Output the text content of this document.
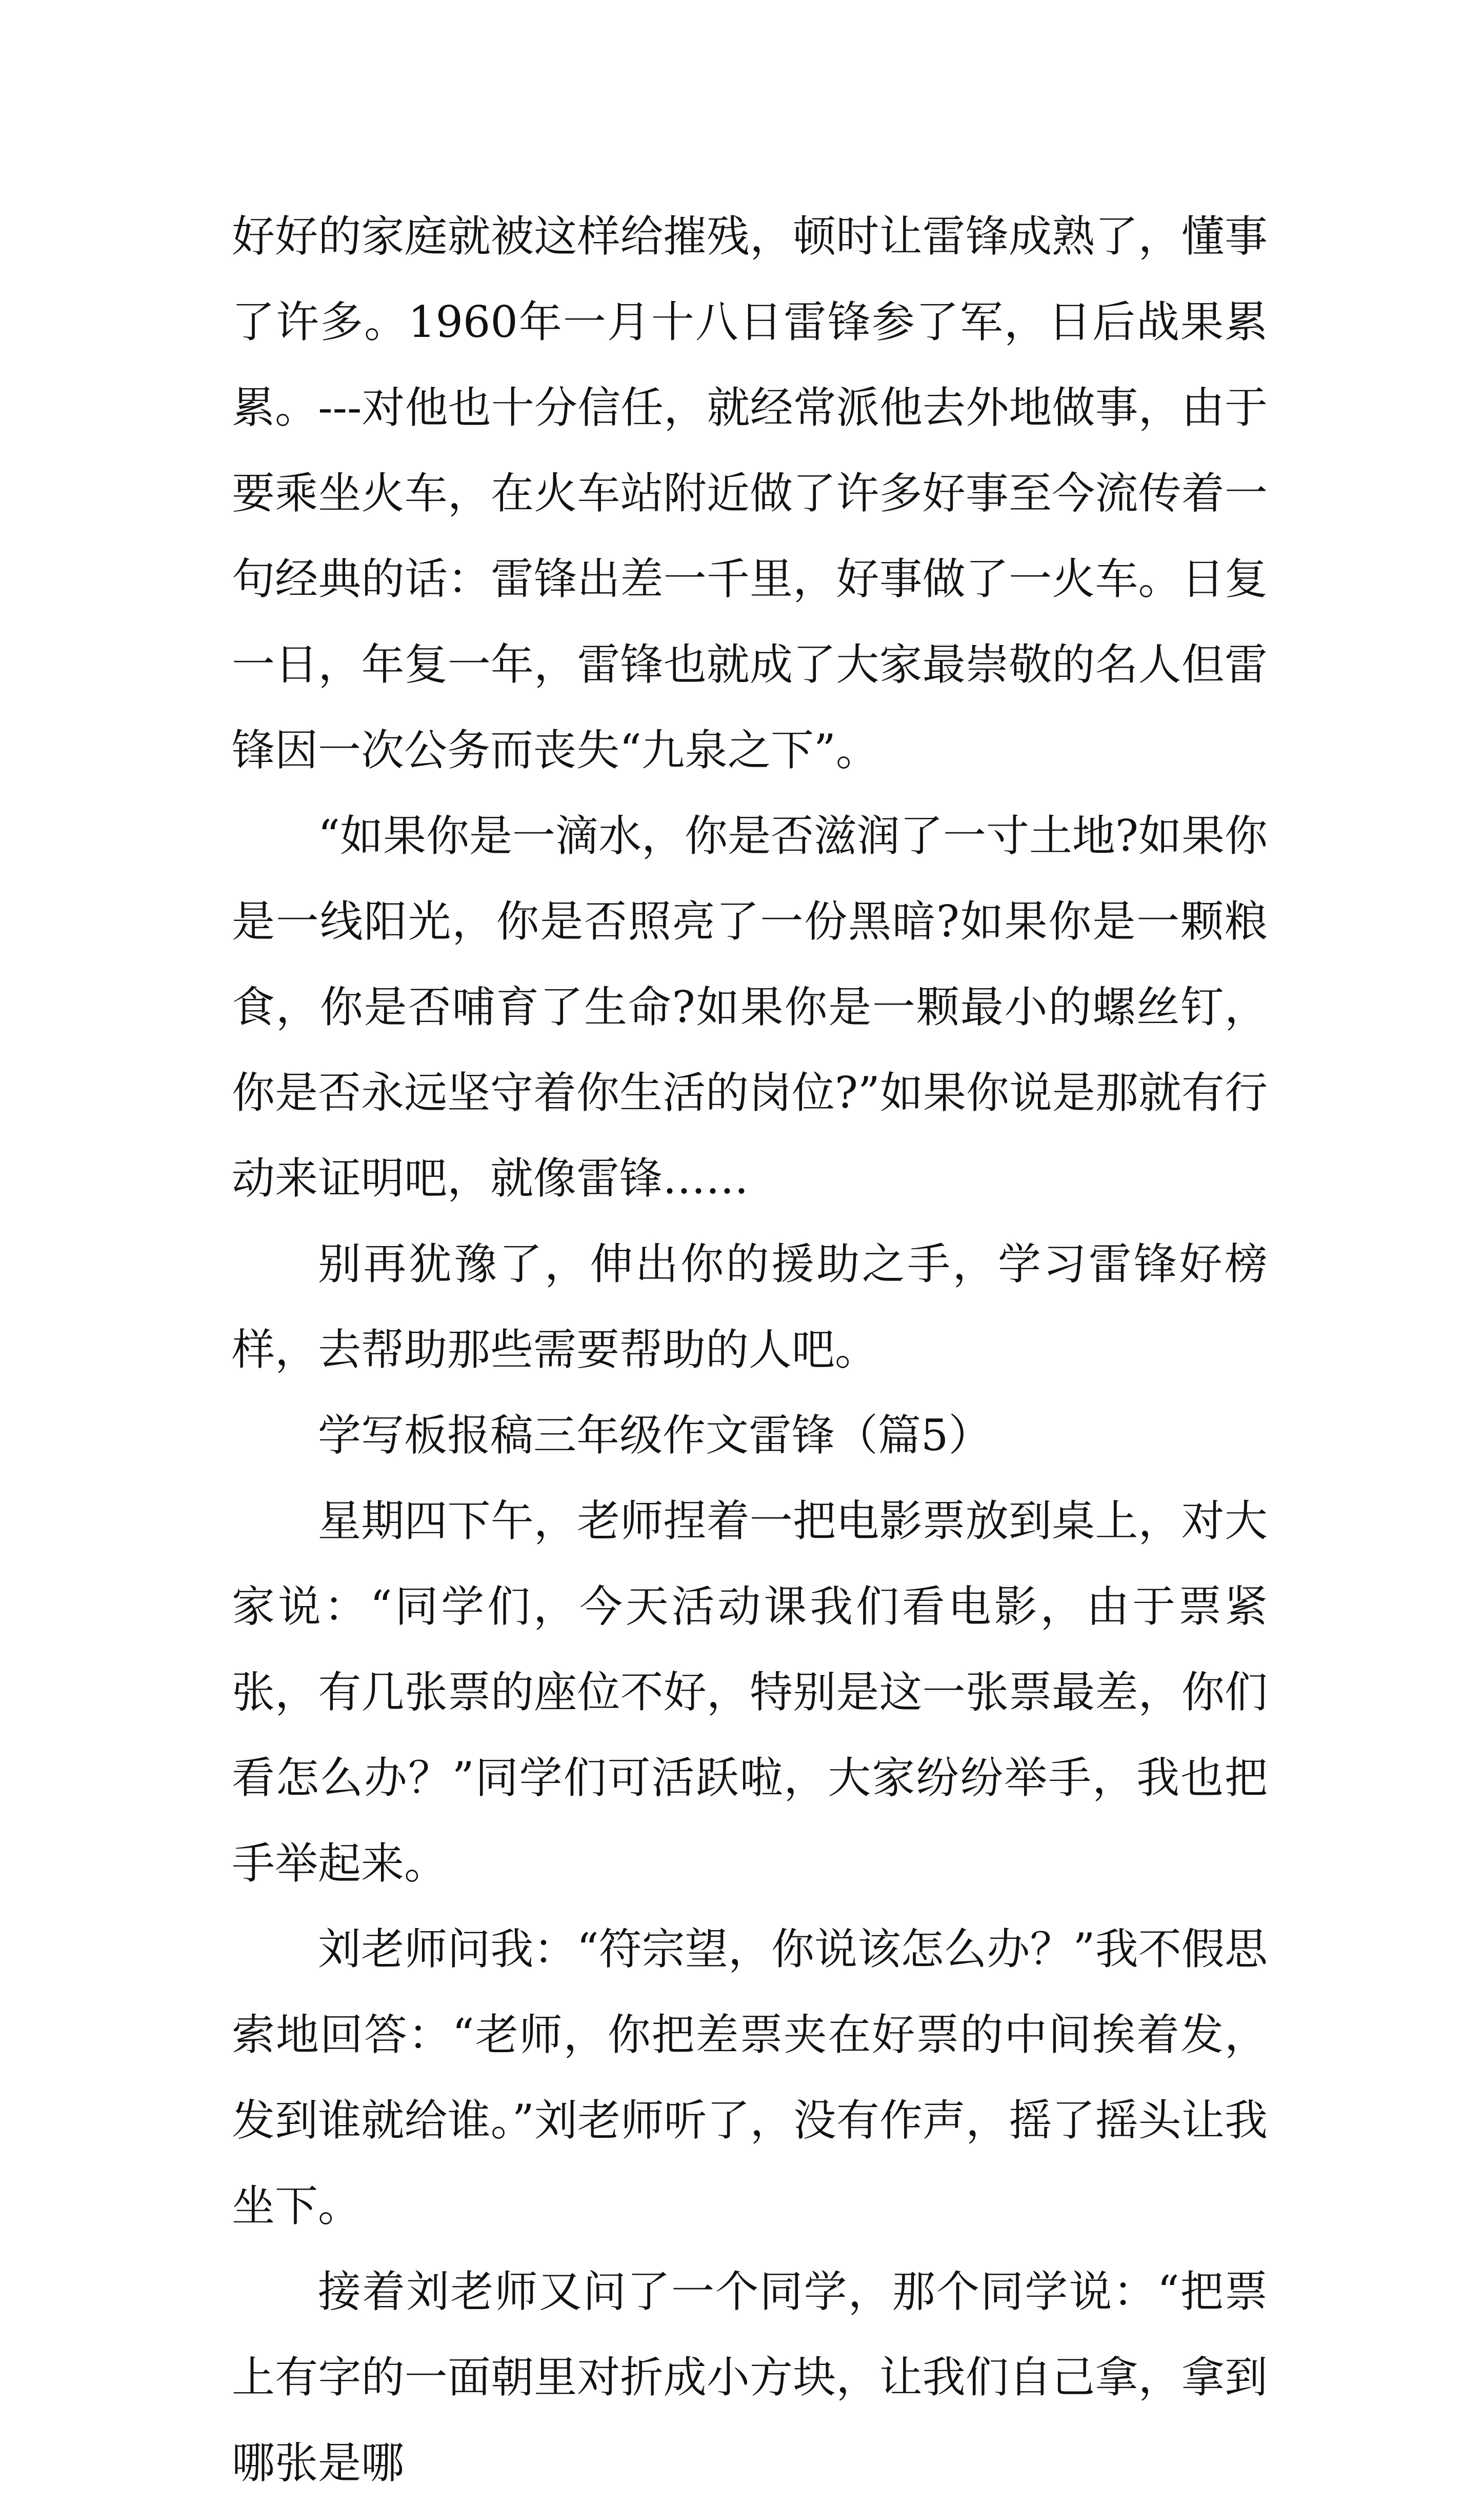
好好的家庭就被这样给摧残，顿时让雷锋成熟了，懂事了许多。1960年一月十八日雷锋参了军，日后战果累累。---对他也十分信任，就经常派他去外地做事，由于要乘坐火车，在火车站附近做了许多好事至今流传着一句经典的话：雷锋出差一千里，好事做了一火车。日复一日，年复一年，雷锋也就成了大家最崇敬的名人但雷锋因一次公务而丧失“九泉之下”。

“如果你是一滴水，你是否滋润了一寸土地?如果你是一线阳光，你是否照亮了一份黑暗?如果你是一颗粮食，你是否哺育了生命?如果你是一颗最小的螺丝钉，你是否永远坚守着你生活的岗位?”如果你说是那就有行动来证明吧，就像雷锋……

别再犹豫了，伸出你的援助之手，学习雷锋好榜样，去帮助那些需要帮助的人吧。

学写板报稿三年级作文雷锋（篇5）

星期四下午，老师捏着一把电影票放到桌上，对大家说：“同学们，今天活动课我们看电影，由于票紧张，有几张票的座位不好，特别是这一张票最差，你们看怎么办？”同学们可活跃啦，大家纷纷举手，我也把手举起来。

刘老师问我：“符宗望，你说该怎么办？”我不假思索地回答：“老师，你把差票夹在好票的中间挨着发，发到谁就给谁。”刘老师听了，没有作声，摇了摇头让我坐下。

接着刘老师又问了一个同学，那个同学说：“把票上有字的一面朝里对折成小方块，让我们自己拿，拿到哪张是哪
